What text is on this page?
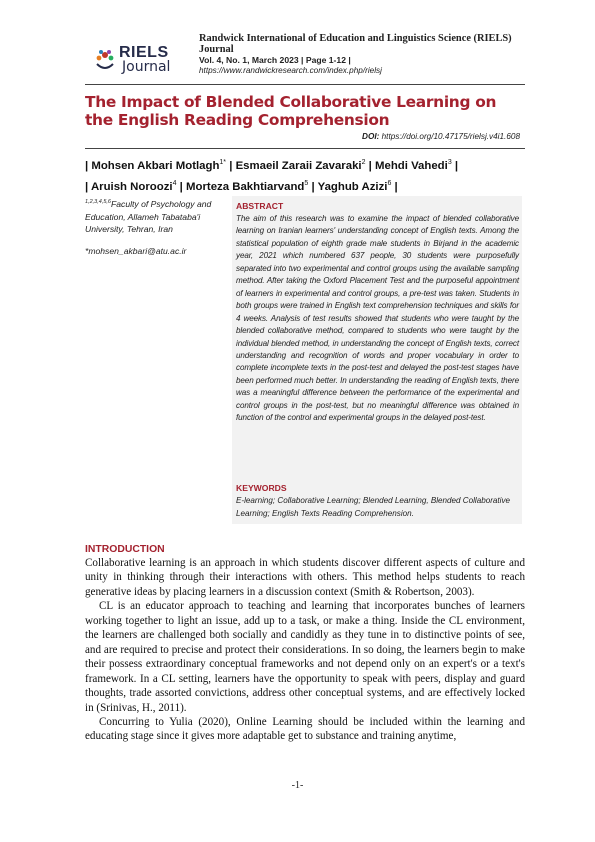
RIELS
Journal
Randwick International of Education and Linguistics Science (RIELS) Journal
Vol. 4, No. 1, March 2023 | Page 1-12 |
https://www.randwickresearch.com/index.php/rielsj
The Impact of Blended Collaborative Learning on the English Reading Comprehension
DOI: https://doi.org/10.47175/rielsj.v4i1.608
| Mohsen Akbari Motlagh$^{1*}$ | Esmaeil Zaraii Zavaraki$^2$ | Mehdi Vahedi$^3$ |
| Aruish Noroozi$^4$ | Morteza Bakhtiarvand$^5$ | Yaghub Azizi$^6$ |
$^{1,2,3,4,5,6}$Faculty of Psychology and Education, Allameh Tabataba'i University, Tehran, Iran
*mohsen_akbari@atu.ac.ir
ABSTRACT
The aim of this research was to examine the impact of blended collaborative learning on Iranian learners' understanding concept of English texts. Among the statistical population of eighth grade male students in Birjand in the academic year, 2021 which numbered 637 people, 30 students were purposefully separated into two experimental and control groups using the available sampling method. After taking the Oxford Placement Test and the purposeful appointment of learners in experimental and control groups, a pre-test was taken. Students in both groups were trained in English text comprehension techniques and skills for 4 weeks. Analysis of test results showed that students who were taught by the blended collaborative method, compared to students who were taught by the individual blended method, in understanding the concept of English texts, correct understanding and recognition of words and proper vocabulary in order to complete incomplete texts in the post-test and delayed the post-test stages have been performed much better. In understanding the reading of English texts, there was a meaningful difference between the performance of the experimental and control groups in the post-test, but no meaningful difference was obtained in function of the control and experimental groups in the delayed post-test.
KEYWORDS
E-learning; Collaborative Learning; Blended Learning, Blended Collaborative Learning; English Texts Reading Comprehension.
INTRODUCTION

Collaborative learning is an approach in which students discover different aspects of culture and unity in thinking through their interactions with others. This method helps students to reach generative ideas by placing learners in a discussion context (Smith & Robertson, 2003).

CL is an educator approach to teaching and learning that incorporates bunches of learners working together to light an issue, add up to a task, or make a thing. Inside the CL environment, the learners are challenged both socially and candidly as they tune in to distinctive points of see, and are required to precise and protect their considerations. In so doing, the learners begin to make their possess extraordinary conceptual frameworks and not depend only on an expert's or a text's framework. In a CL setting, learners have the opportunity to speak with peers, display and guard thoughts, trade assorted convictions, address other conceptual systems, and are effectively locked in (Srinivas, H., 2011).

Concurring to Yulia (2020), Online Learning should be included within the learning and educating stage since it gives more adaptable get to substance and training anytime,

-1-
